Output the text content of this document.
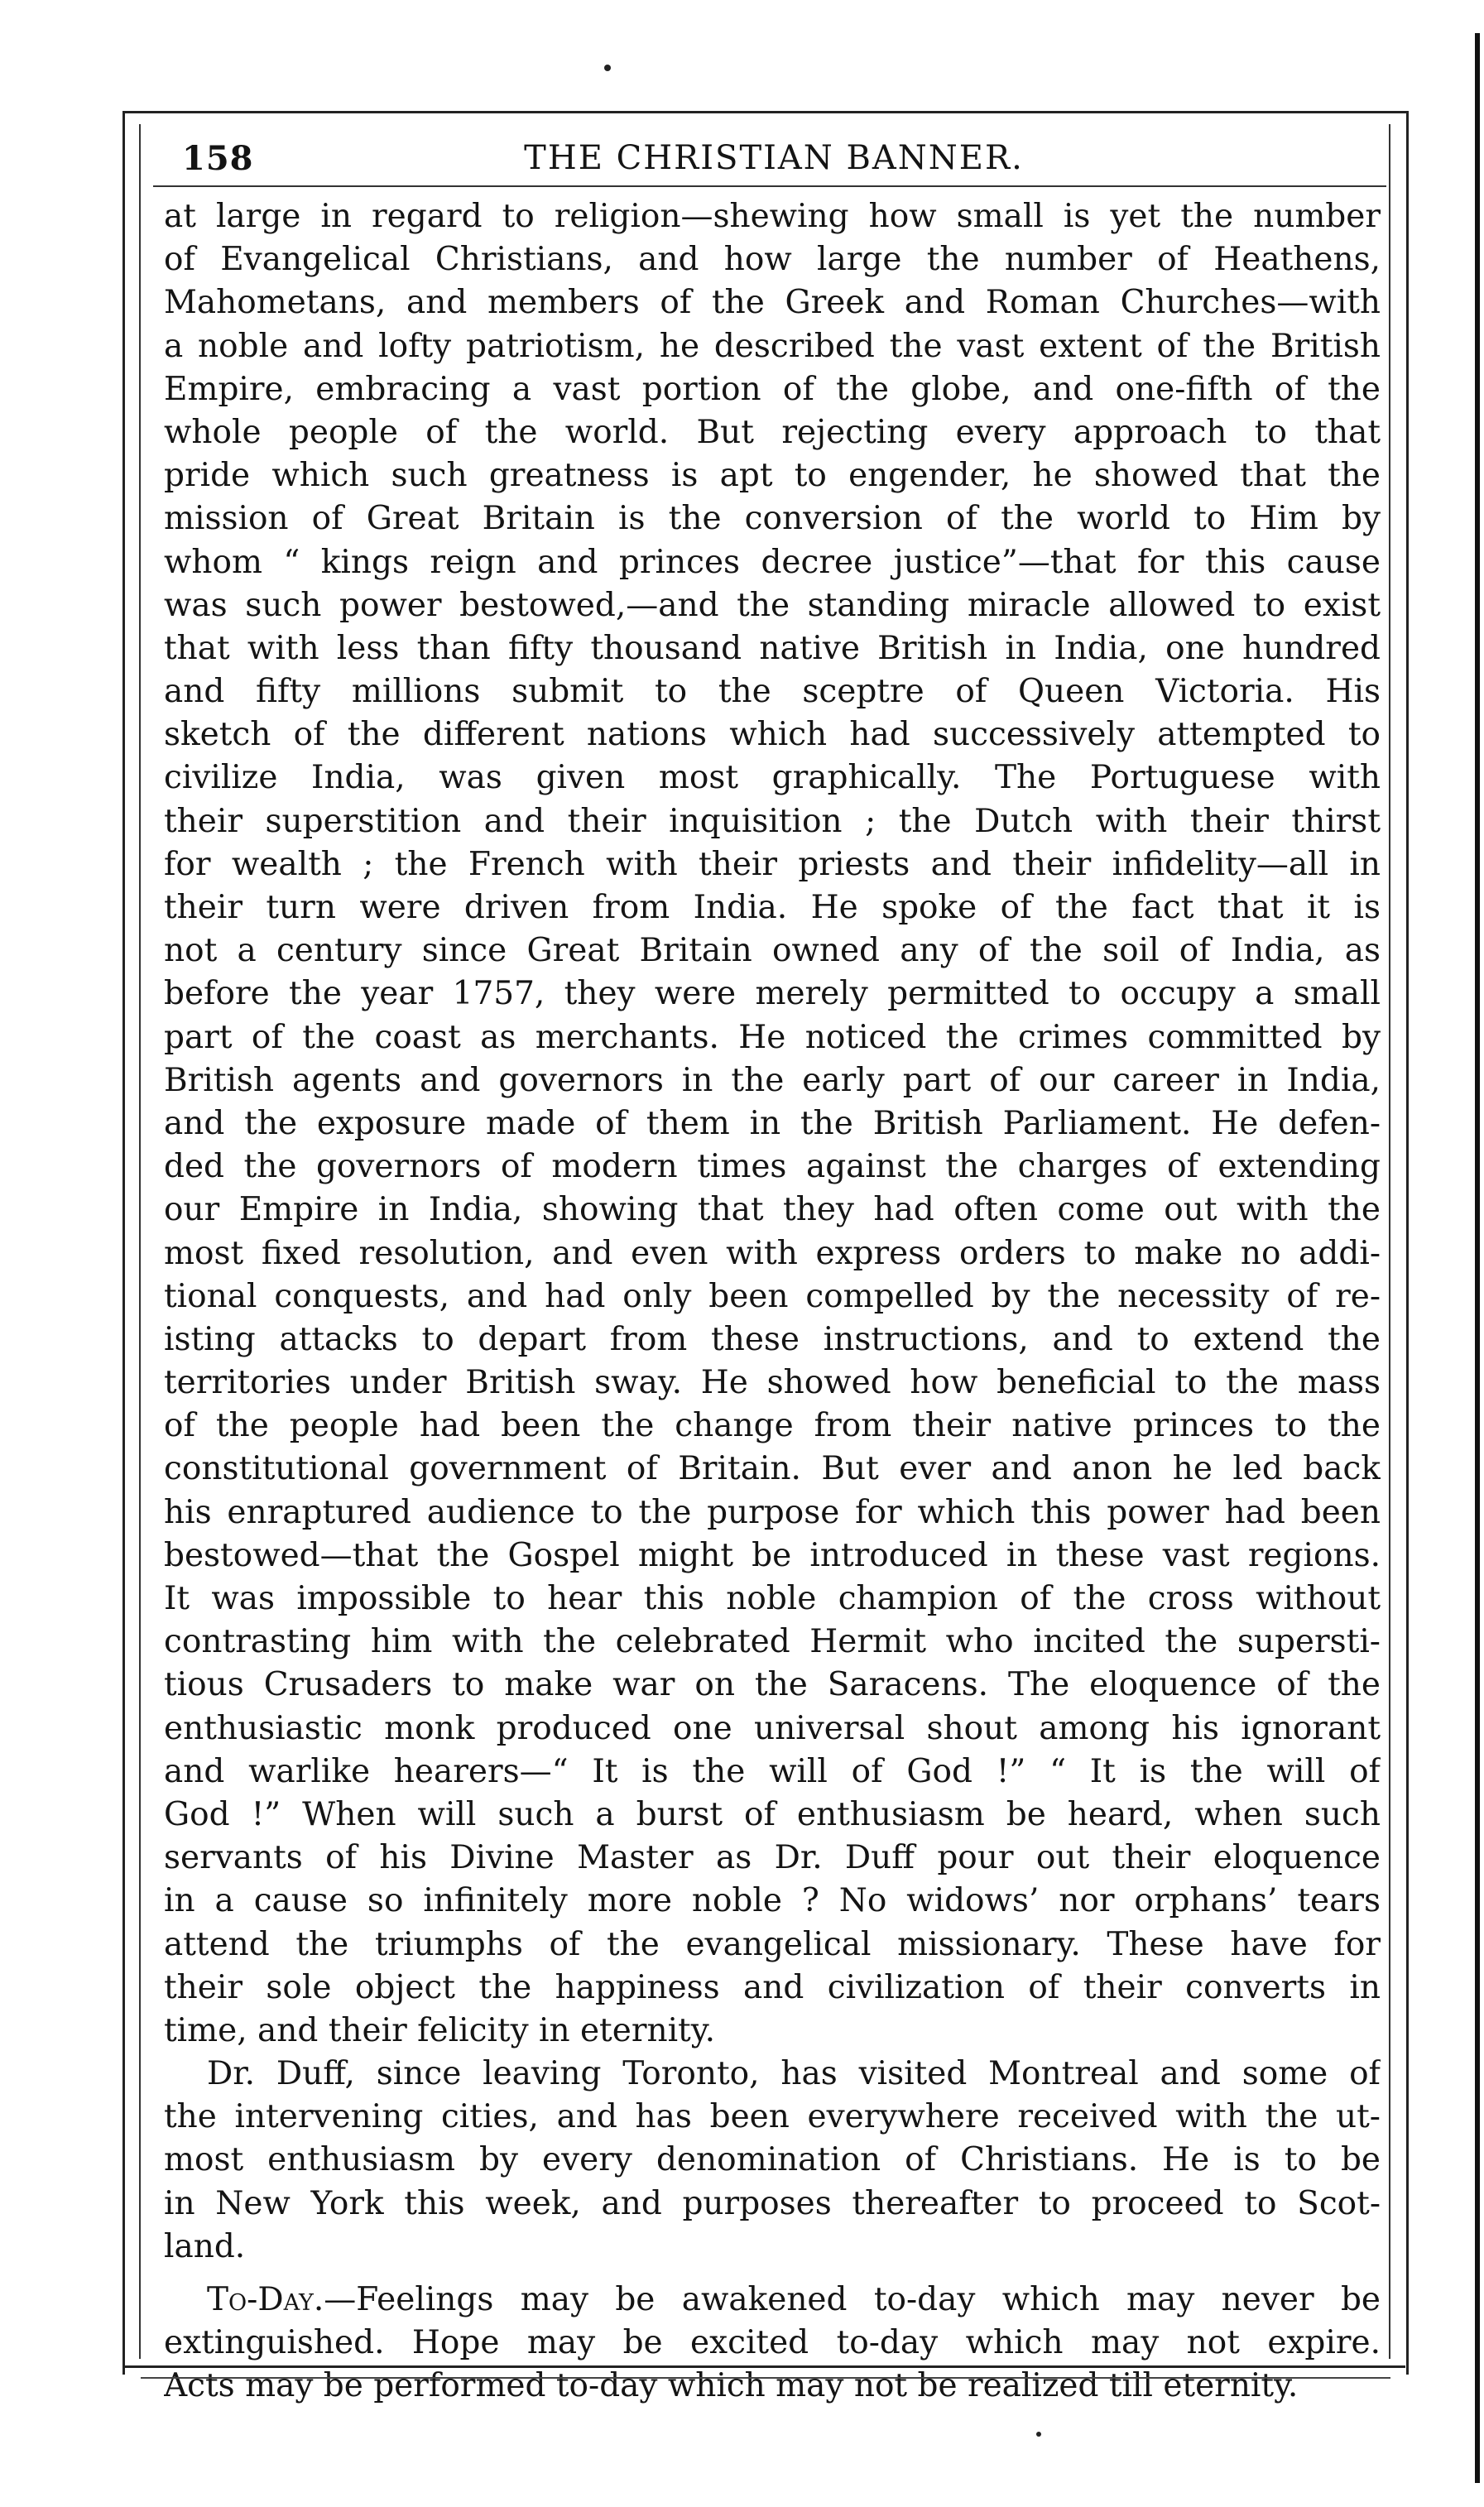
158	THE CHRISTIAN BANNER.
at large in regard to religion—shewing how small is yet the number
of Evangelical Christians, and how large the number of Heathens,
Mahometans, and members of the Greek and Roman Churches—with
a noble and lofty patriotism, he described the vast extent of the British
Empire, embracing a vast portion of the globe, and one-fifth of the
whole people of the world. But rejecting every approach to that
pride which such greatness is apt to engender, he showed that the
mission of Great Britain is the conversion of the world to Him by
whom “ kings reign and princes decree justice”—that for this cause
was such power bestowed,—and the standing miracle allowed to exist
that with less than fifty thousand native British in India, one hundred
and fifty millions submit to the sceptre of Queen Victoria. His
sketch of the different nations which had successively attempted to
civilize India, was given most graphically. The Portuguese with
their superstition and their inquisition ; the Dutch with their thirst
for wealth ; the French with their priests and their infidelity—all in
their turn were driven from India. He spoke of the fact that it is
not a century since Great Britain owned any of the soil of India, as
before the year 1757, they were merely permitted to occupy a small
part of the coast as merchants. He noticed the crimes committed by
British agents and governors in the early part of our career in India,
and the exposure made of them in the British Parliament. He defen-
ded the governors of modern times against the charges of extending
our Empire in India, showing that they had often come out with the
most fixed resolution, and even with express orders to make no addi-
tional conquests, and had only been compelled by the necessity of re-
isting attacks to depart from these instructions, and to extend the
territories under British sway. He showed how beneficial to the mass
of the people had been the change from their native princes to the
constitutional government of Britain. But ever and anon he led back
his enraptured audience to the purpose for which this power had been
bestowed—that the Gospel might be introduced in these vast regions.
It was impossible to hear this noble champion of the cross without
contrasting him with the celebrated Hermit who incited the supersti-
tious Crusaders to make war on the Saracens. The eloquence of the
enthusiastic monk produced one universal shout among his ignorant
and warlike hearers—“ It is the will of God !” “ It is the will of
God !” When will such a burst of enthusiasm be heard, when such
servants of his Divine Master as Dr. Duff pour out their eloquence
in a cause so infinitely more noble ? No widows’ nor orphans’ tears
attend the triumphs of the evangelical missionary. These have for
their sole object the happiness and civilization of their converts in
time, and their felicity in eternity.
Dr. Duff, since leaving Toronto, has visited Montreal and some of
the intervening cities, and has been everywhere received with the ut-
most enthusiasm by every denomination of Christians. He is to be
in New York this week, and purposes thereafter to proceed to Scot-
land.
To-Day.—Feelings may be awakened to-day which may never be
extinguished. Hope may be excited to-day which may not expire.
Acts may be performed to-day which may not be realized till eternity.
